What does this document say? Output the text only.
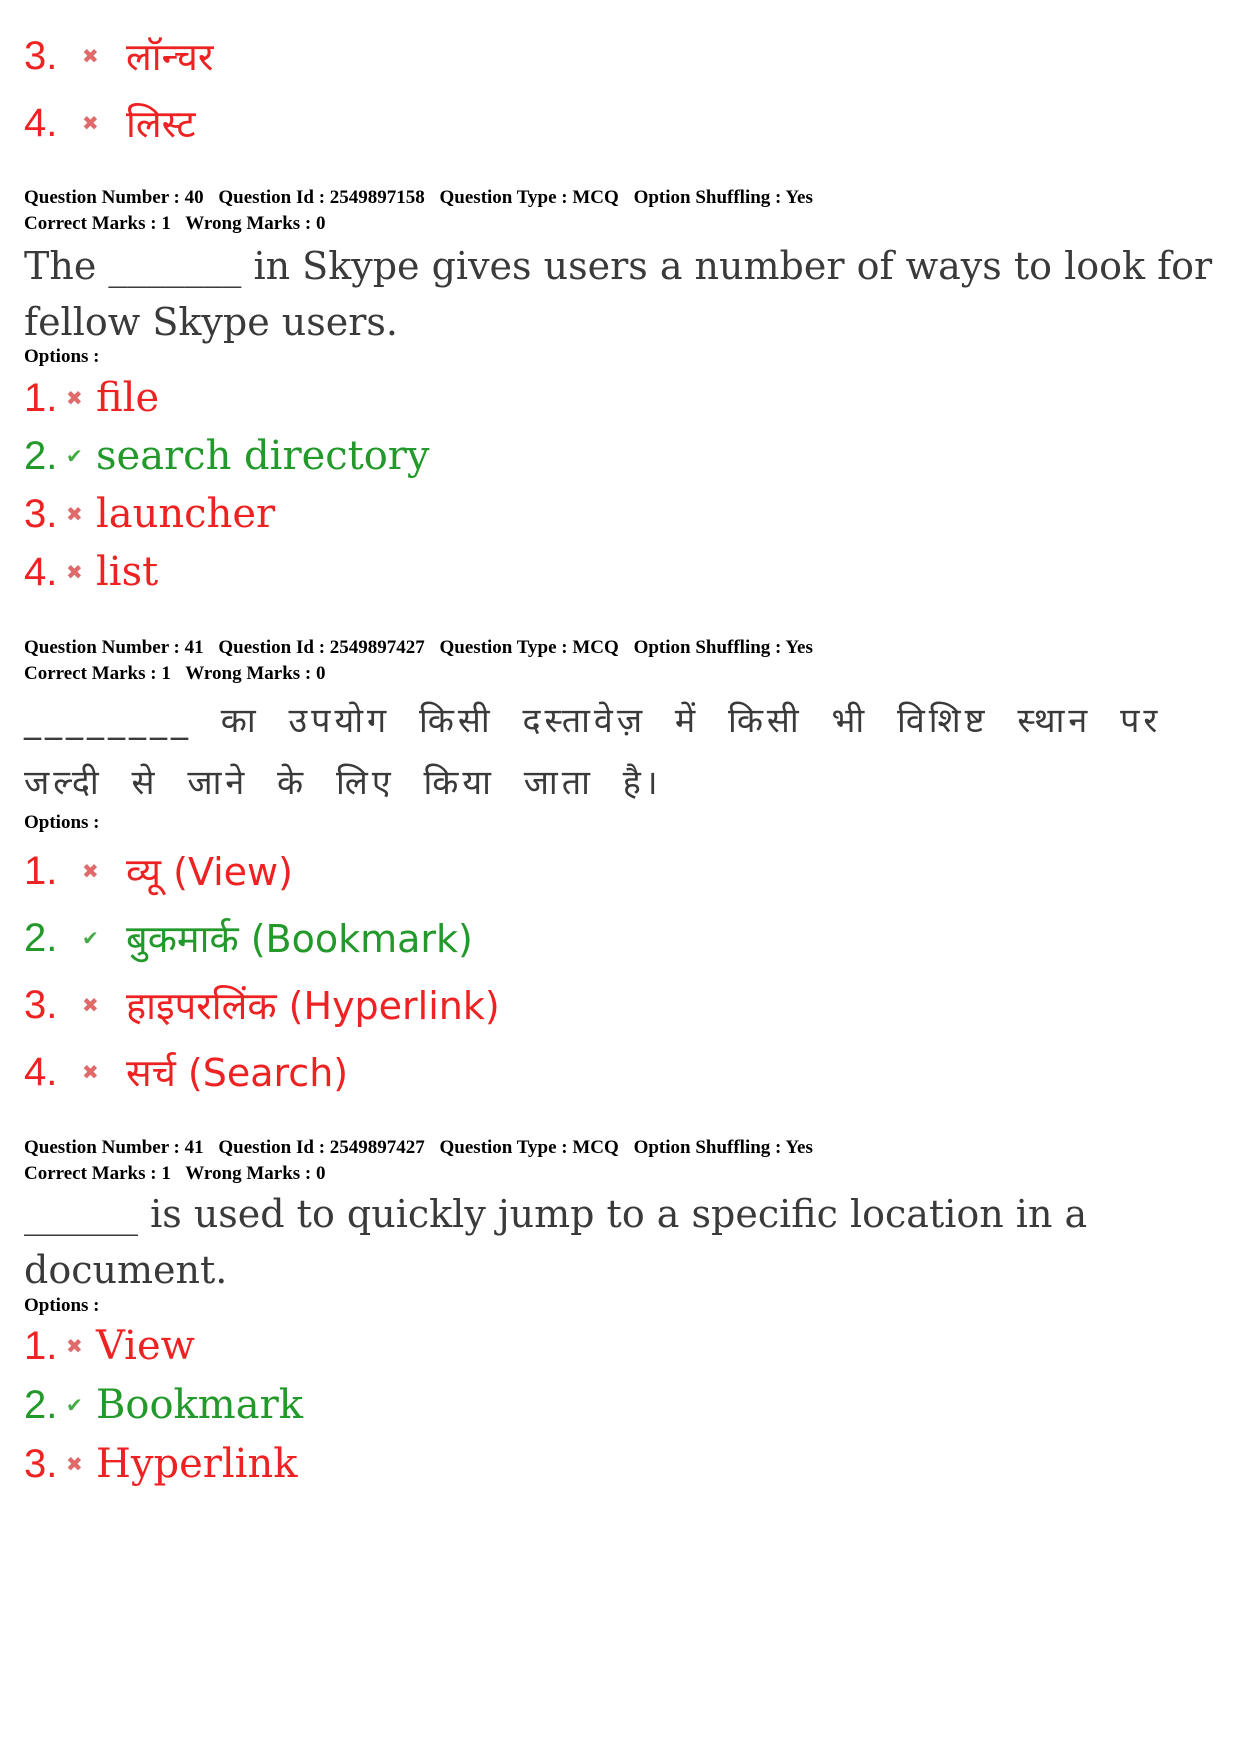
3.	✖ लॉन्चर
4.	✖ लिस्ट
Question Number : 40 Question Id : 2549897158 Question Type : MCQ Option Shuffling : Yes
Correct Marks : 1 Wrong Marks : 0
The _______ in Skype gives users a number of ways to look for
fellow Skype users.
Options :
1. ✖ file
2. ✔ search directory
3. ✖ launcher
4. ✖ list
Question Number : 41 Question Id : 2549897427 Question Type : MCQ Option Shuffling : Yes
Correct Marks : 1 Wrong Marks : 0
________ का उपयोग किसी दस्तावेज़ में किसी भी विशिष्ट स्थान पर
जल्दी से जाने के लिए किया जाता है।
Options :
1.	✖ व्यू (View)
2.	✔ बुकमार्क (Bookmark)
3.	✖ हाइपरलिंक (Hyperlink)
4.	✖ सर्च (Search)
Question Number : 41 Question Id : 2549897427 Question Type : MCQ Option Shuffling : Yes
Correct Marks : 1 Wrong Marks : 0
______ is used to quickly jump to a specific location in a
document.
Options :
1. ✖ View
2. ✔ Bookmark
3. ✖ Hyperlink
